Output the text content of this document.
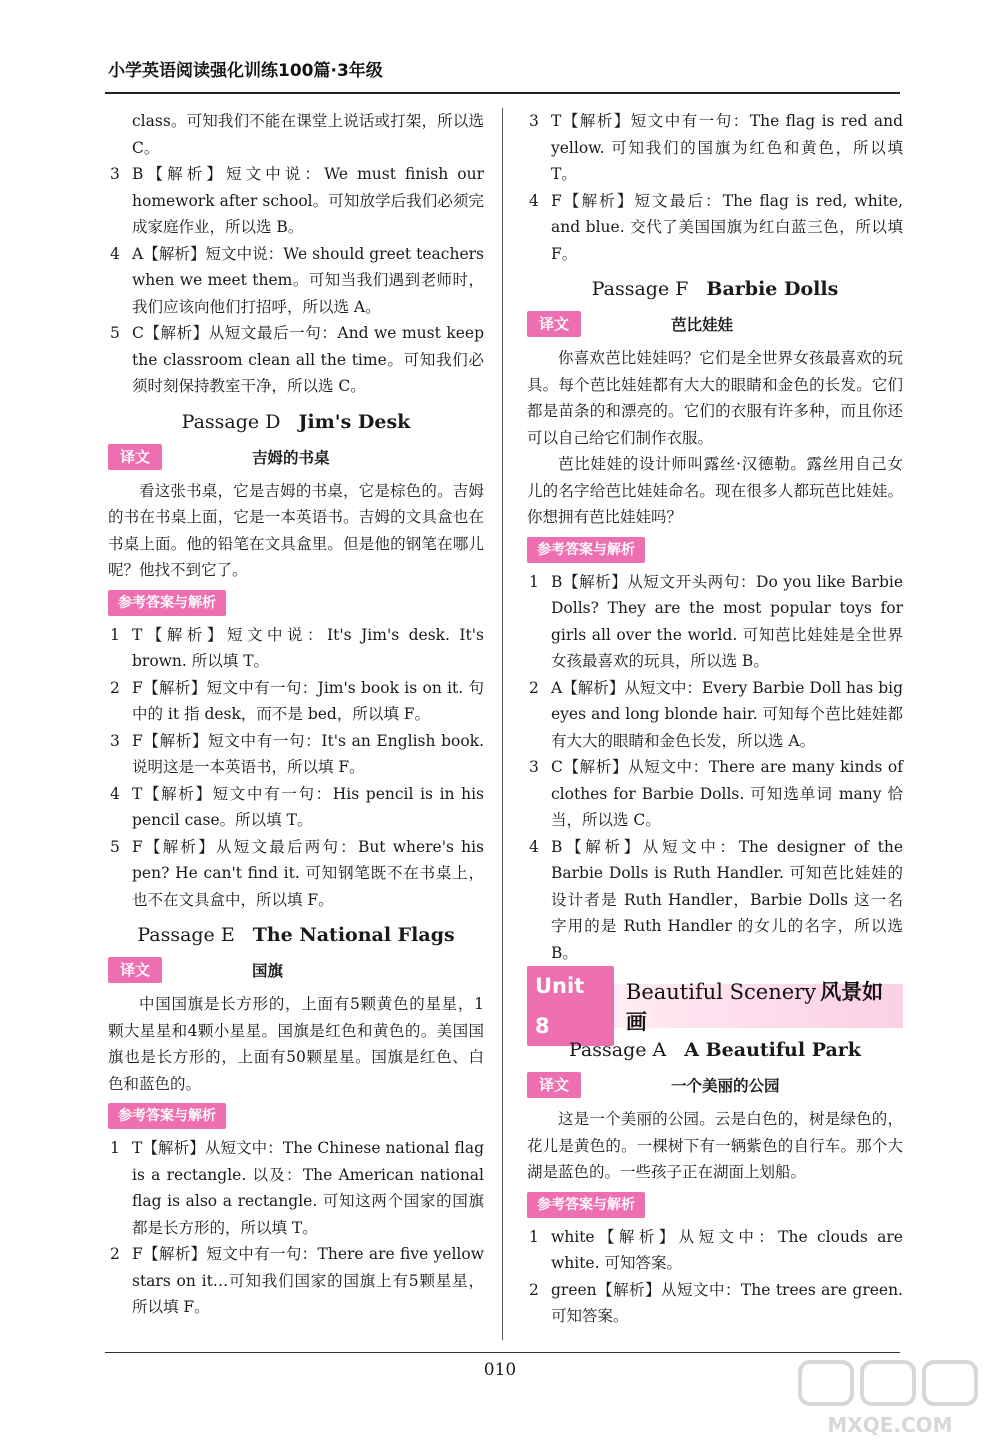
小学英语阅读强化训练100篇·3年级

class。可知我们不能在课堂上说话或打架，所以选 C。

3 B【解析】短文中说：We must finish our homework after school。可知放学后我们必须完成家庭作业，所以选 B。

4 A【解析】短文中说：We should greet teachers when we meet them。可知当我们遇到老师时，我们应该向他们打招呼，所以选 A。

5 C【解析】从短文最后一句：And we must keep the classroom clean all the time。可知我们必须时刻保持教室干净，所以选 C。

Passage D Jim's Desk
译文	吉姆的书桌

看这张书桌，它是吉姆的书桌，它是棕色的。吉姆的书在书桌上面，它是一本英语书。吉姆的文具盒也在书桌上面。他的铅笔在文具盒里。但是他的钢笔在哪儿呢？他找不到它了。

参考答案与解析

1 T【解析】短文中说：It's Jim's desk. It's brown. 所以填 T。

2 F【解析】短文中有一句：Jim's book is on it. 句中的 it 指 desk，而不是 bed，所以填 F。

3 F【解析】短文中有一句：It's an English book. 说明这是一本英语书，所以填 F。

4 T【解析】短文中有一句：His pencil is in his pencil case。所以填 T。

5 F【解析】从短文最后两句：But where's his pen? He can't find it. 可知钢笔既不在书桌上，也不在文具盒中，所以填 F。

Passage E The National Flags
译文	国旗

中国国旗是长方形的，上面有5颗黄色的星星，1颗大星星和4颗小星星。国旗是红色和黄色的。美国国旗也是长方形的，上面有50颗星星。国旗是红色、白色和蓝色的。

参考答案与解析

1 T【解析】从短文中：The Chinese national flag is a rectangle. 以及：The American national flag is also a rectangle. 可知这两个国家的国旗都是长方形的，所以填 T。

2 F【解析】短文中有一句：There are five yellow stars on it…可知我们国家的国旗上有5颗星星，所以填 F。

3 T【解析】短文中有一句：The flag is red and yellow. 可知我们的国旗为红色和黄色，所以填 T。

4 F【解析】短文最后：The flag is red, white, and blue. 交代了美国国旗为红白蓝三色，所以填 F。

Passage F Barbie Dolls
译文	芭比娃娃

你喜欢芭比娃娃吗？它们是全世界女孩最喜欢的玩具。每个芭比娃娃都有大大的眼睛和金色的长发。它们都是苗条的和漂亮的。它们的衣服有许多种，而且你还可以自己给它们制作衣服。

芭比娃娃的设计师叫露丝·汉德勒。露丝用自己女儿的名字给芭比娃娃命名。现在很多人都玩芭比娃娃。你想拥有芭比娃娃吗？

参考答案与解析

1 B【解析】从短文开头两句：Do you like Barbie Dolls? They are the most popular toys for girls all over the world. 可知芭比娃娃是全世界女孩最喜欢的玩具，所以选 B。

2 A【解析】从短文中：Every Barbie Doll has big eyes and long blonde hair. 可知每个芭比娃娃都有大大的眼睛和金色长发，所以选 A。

3 C【解析】从短文中：There are many kinds of clothes for Barbie Dolls. 可知选单词 many 恰当，所以选 C。

4 B【解析】从短文中：The designer of the Barbie Dolls is Ruth Handler. 可知芭比娃娃的设计者是 Ruth Handler，Barbie Dolls 这一名字用的是 Ruth Handler 的女儿的名字，所以选 B。

Unit 8
Beautiful Scenery 风景如画
Passage A A Beautiful Park
译文	一个美丽的公园

这是一个美丽的公园。云是白色的，树是绿色的，花儿是黄色的。一棵树下有一辆紫色的自行车。那个大湖是蓝色的。一些孩子正在湖面上划船。

参考答案与解析

1 white【解析】从短文中：The clouds are white. 可知答案。

2 green【解析】从短文中：The trees are green. 可知答案。

010
MXQE.COM
